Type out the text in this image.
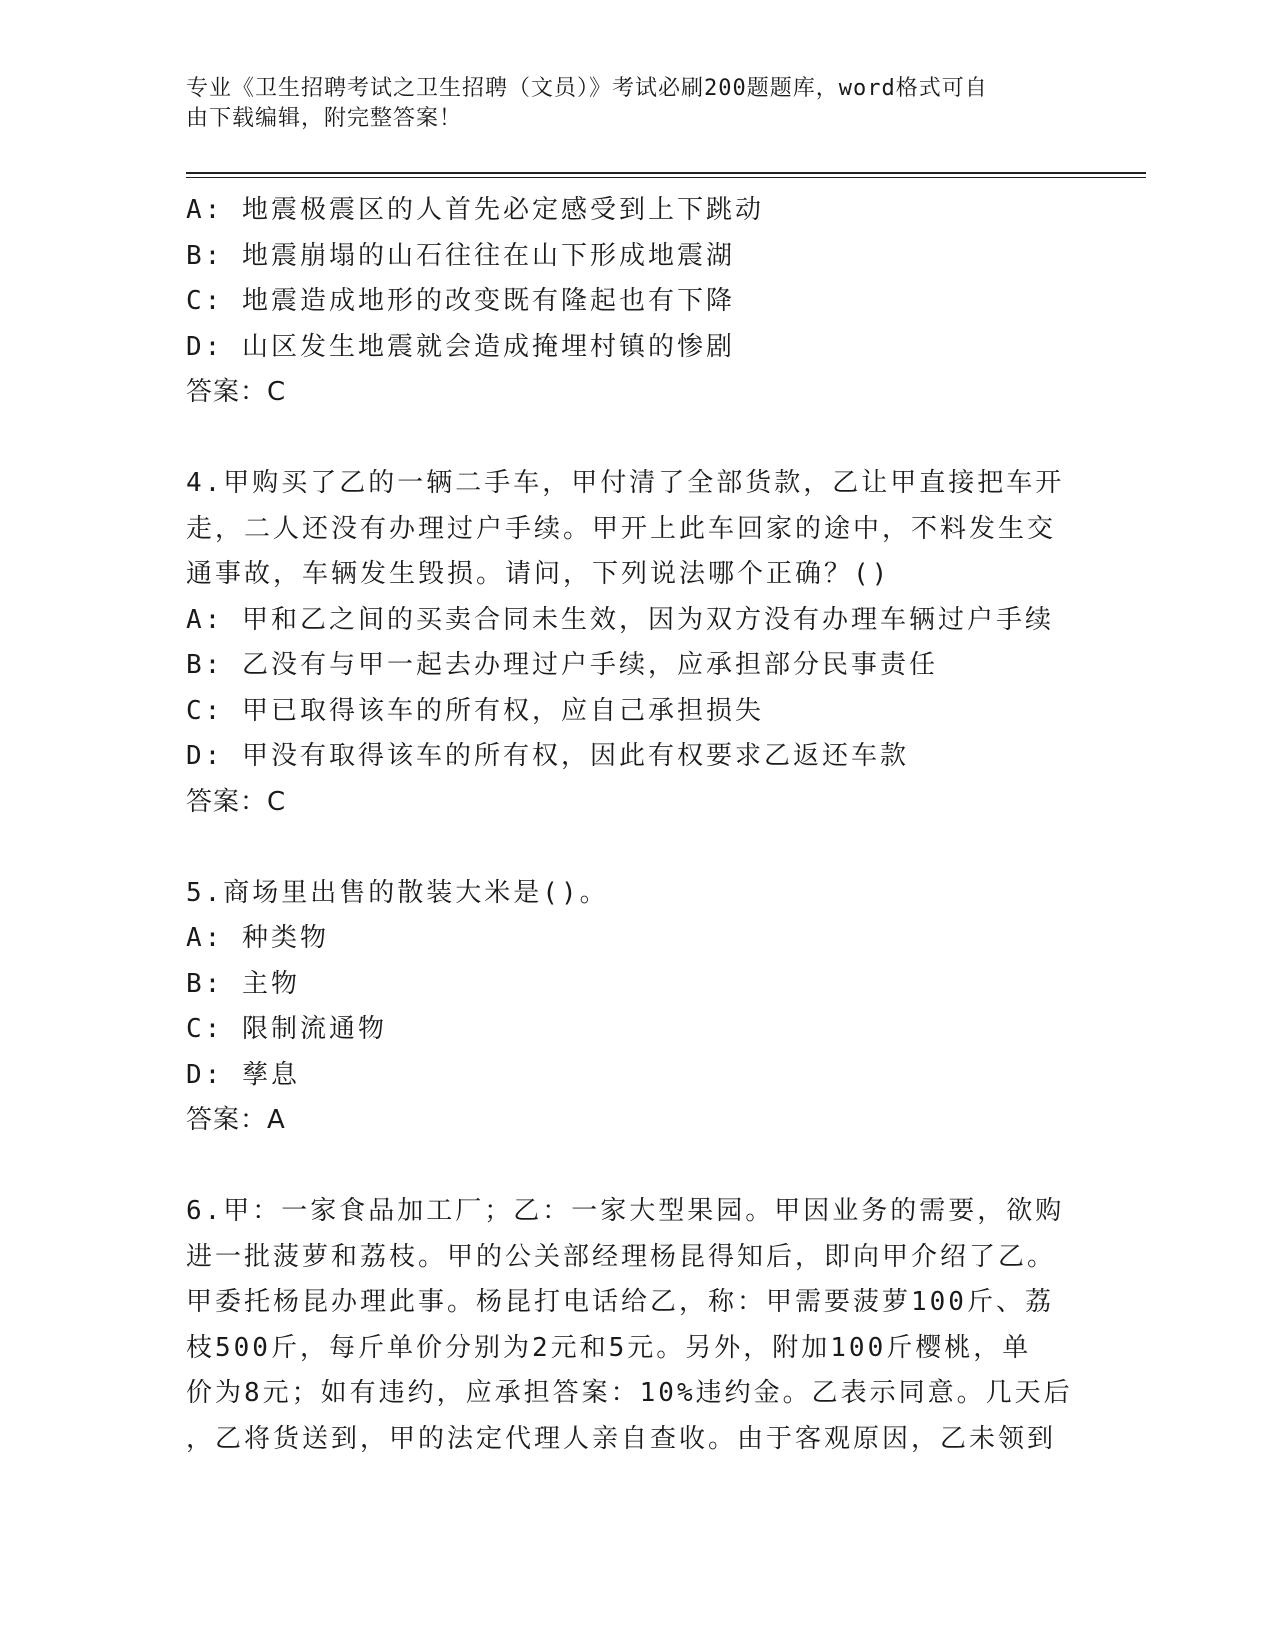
专业《卫生招聘考试之卫生招聘（文员）》考试必刷200题题库，word格式可自
由下载编辑，附完整答案！
A: 地震极震区的人首先必定感受到上下跳动
B: 地震崩塌的山石往往在山下形成地震湖
C: 地震造成地形的改变既有隆起也有下降
D: 山区发生地震就会造成掩埋村镇的惨剧
答案：C
4.甲购买了乙的一辆二手车，甲付清了全部货款，乙让甲直接把车开
走，二人还没有办理过户手续。甲开上此车回家的途中，不料发生交
通事故，车辆发生毁损。请问，下列说法哪个正确？()
A: 甲和乙之间的买卖合同未生效，因为双方没有办理车辆过户手续
B: 乙没有与甲一起去办理过户手续，应承担部分民事责任
C: 甲已取得该车的所有权，应自己承担损失
D: 甲没有取得该车的所有权，因此有权要求乙返还车款
答案：C
5.商场里出售的散装大米是()。
A: 种类物
B: 主物
C: 限制流通物
D: 孳息
答案：A
6.甲：一家食品加工厂；乙：一家大型果园。甲因业务的需要，欲购
进一批菠萝和荔枝。甲的公关部经理杨昆得知后，即向甲介绍了乙。
甲委托杨昆办理此事。杨昆打电话给乙，称：甲需要菠萝100斤、荔
枝500斤，每斤单价分别为2元和5元。另外，附加100斤樱桃，单
价为8元；如有违约，应承担答案：10%违约金。乙表示同意。几天后
，乙将货送到，甲的法定代理人亲自查收。由于客观原因，乙未领到
